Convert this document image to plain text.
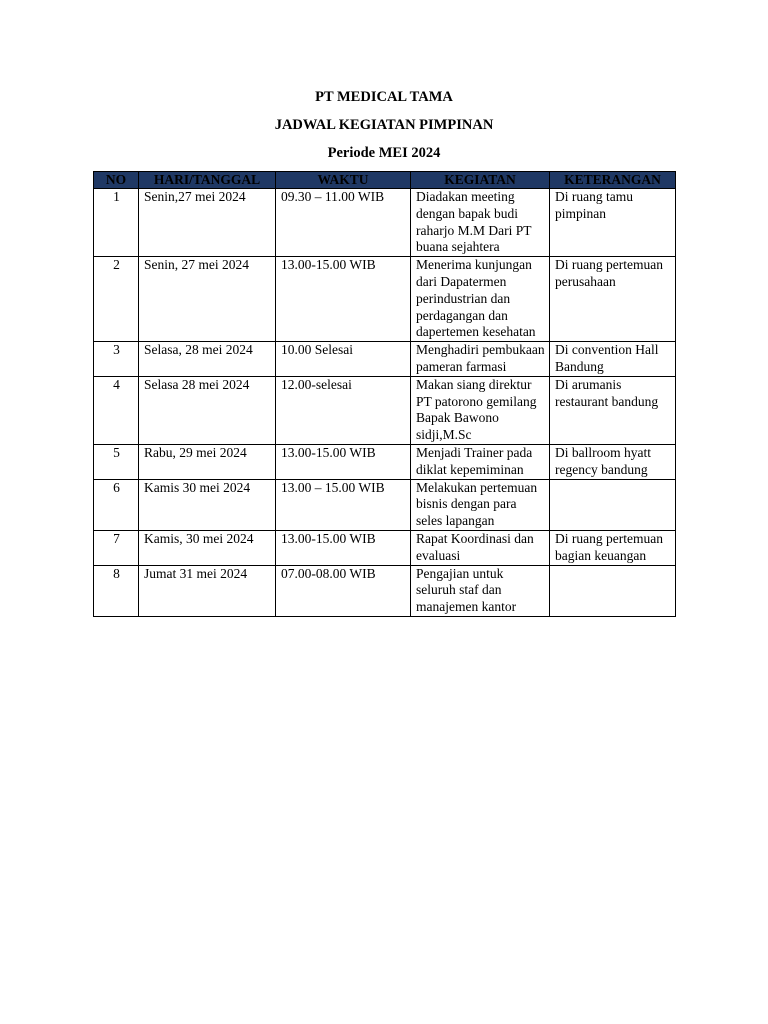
PT MEDICAL TAMA
JADWAL KEGIATAN PIMPINAN
Periode MEI 2024
NO	HARI/TANGGAL	WAKTU	KEGIATAN	KETERANGAN
1	Senin,27 mei 2024	09.30 – 11.00 WIB	Diadakan meeting dengan bapak budi raharjo M.M Dari PT buana sejahtera	Di ruang tamu pimpinan
2	Senin, 27 mei 2024	13.00-15.00 WIB	Menerima kunjungan dari Dapatermen perindustrian dan perdagangan dan dapertemen kesehatan	Di ruang pertemuan perusahaan
3	Selasa, 28 mei 2024	10.00 Selesai	Menghadiri pembukaan pameran farmasi	Di convention Hall Bandung
4	Selasa 28 mei 2024	12.00-selesai	Makan siang direktur PT patorono gemilang Bapak Bawono sidji,M.Sc	Di arumanis restaurant bandung
5	Rabu, 29 mei 2024	13.00-15.00 WIB	Menjadi Trainer pada diklat kepemiminan	Di ballroom hyatt regency bandung
6	Kamis 30 mei 2024	13.00 – 15.00 WIB	Melakukan pertemuan bisnis dengan para seles lapangan	
7	Kamis, 30 mei 2024	13.00-15.00 WIB	Rapat Koordinasi dan evaluasi	Di ruang pertemuan bagian keuangan
8	Jumat 31 mei 2024	07.00-08.00 WIB	Pengajian untuk seluruh staf dan manajemen kantor	
